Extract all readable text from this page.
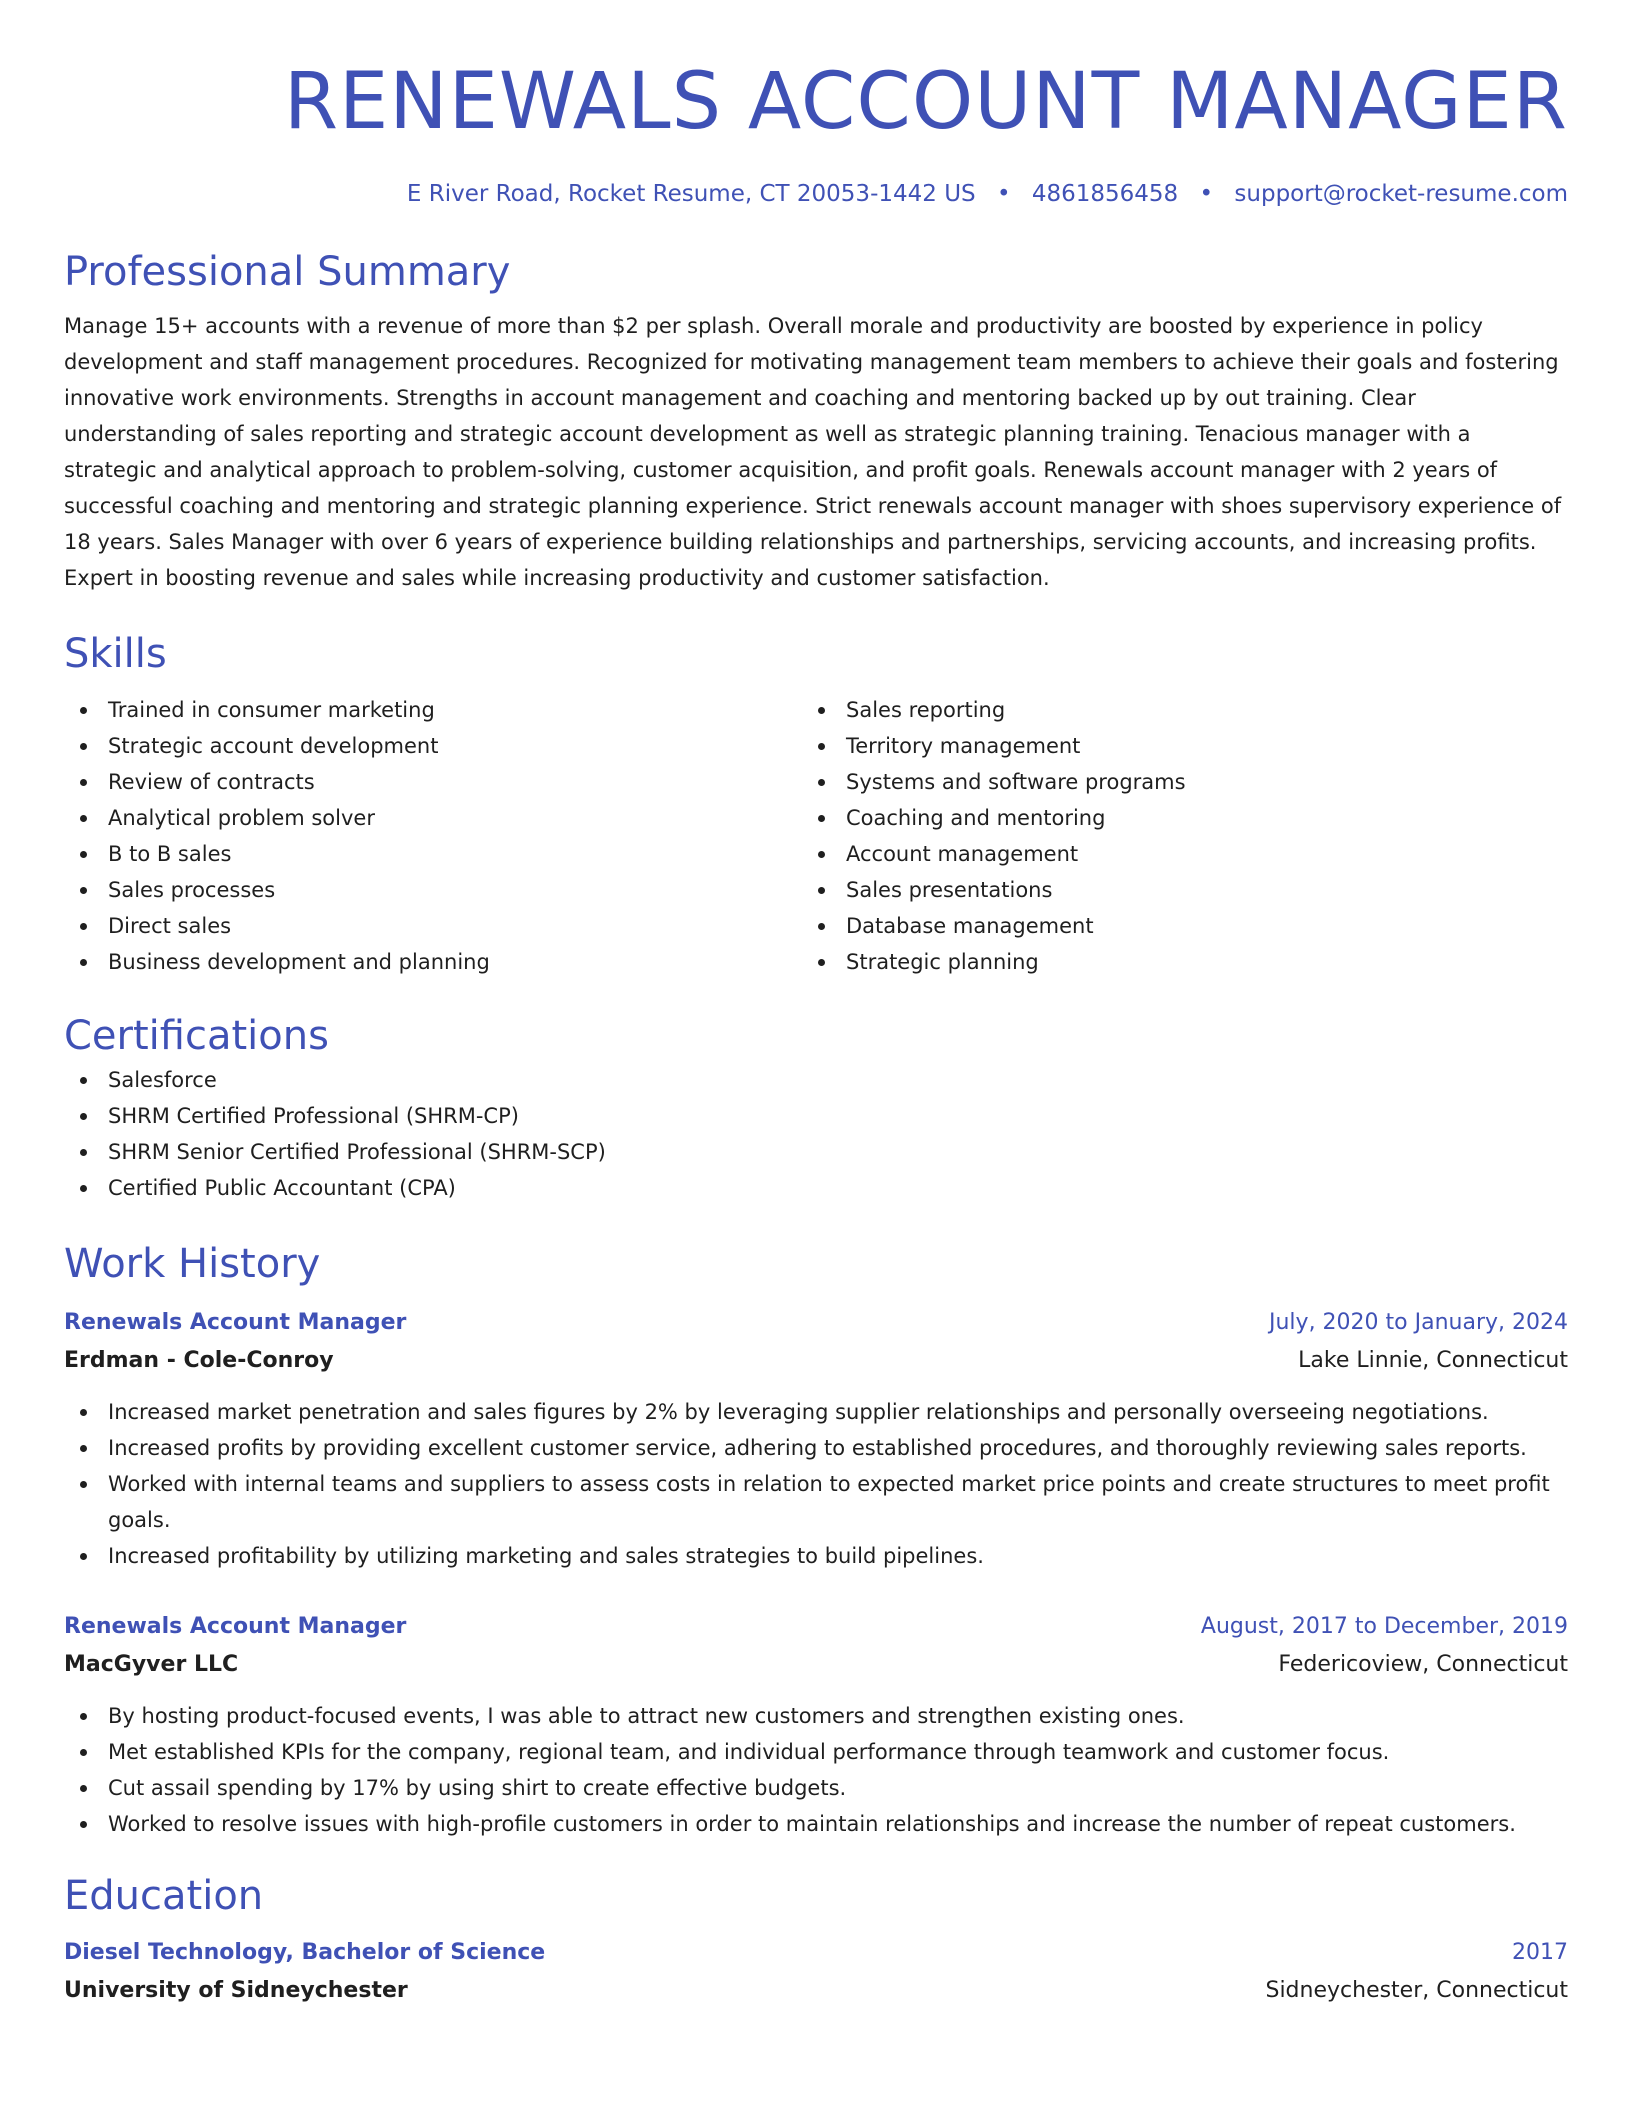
RENEWALS ACCOUNT MANAGER
E River Road, Rocket Resume, CT 20053-1442 US • 4861856458 • support@rocket-resume.com
Professional Summary
Manage 15+ accounts with a revenue of more than $2 per splash. Overall morale and productivity are boosted by experience in policy development and staff management procedures. Recognized for motivating management team members to achieve their goals and fostering innovative work environments. Strengths in account management and coaching and mentoring backed up by out training. Clear understanding of sales reporting and strategic account development as well as strategic planning training. Tenacious manager with a strategic and analytical approach to problem-solving, customer acquisition, and profit goals. Renewals account manager with 2 years of successful coaching and mentoring and strategic planning experience. Strict renewals account manager with shoes supervisory experience of 18 years. Sales Manager with over 6 years of experience building relationships and partnerships, servicing accounts, and increasing profits. Expert in boosting revenue and sales while increasing productivity and customer satisfaction.
Skills
Trained in consumer marketing
Strategic account development
Review of contracts
Analytical problem solver
B to B sales
Sales processes
Direct sales
Business development and planning
Sales reporting
Territory management
Systems and software programs
Coaching and mentoring
Account management
Sales presentations
Database management
Strategic planning
Certifications
Salesforce
SHRM Certified Professional (SHRM-CP)
SHRM Senior Certified Professional (SHRM-SCP)
Certified Public Accountant (CPA)
Work History
Renewals Account Manager	July, 2020 to January, 2024
Erdman - Cole-Conroy	Lake Linnie, Connecticut
Increased market penetration and sales figures by 2% by leveraging supplier relationships and personally overseeing negotiations.
Increased profits by providing excellent customer service, adhering to established procedures, and thoroughly reviewing sales reports.
Worked with internal teams and suppliers to assess costs in relation to expected market price points and create structures to meet profit goals.
Increased profitability by utilizing marketing and sales strategies to build pipelines.
Renewals Account Manager	August, 2017 to December, 2019
MacGyver LLC	Federicoview, Connecticut
By hosting product-focused events, I was able to attract new customers and strengthen existing ones.
Met established KPIs for the company, regional team, and individual performance through teamwork and customer focus.
Cut assail spending by 17% by using shirt to create effective budgets.
Worked to resolve issues with high-profile customers in order to maintain relationships and increase the number of repeat customers.
Education
Diesel Technology, Bachelor of Science	2017
University of Sidneychester	Sidneychester, Connecticut
